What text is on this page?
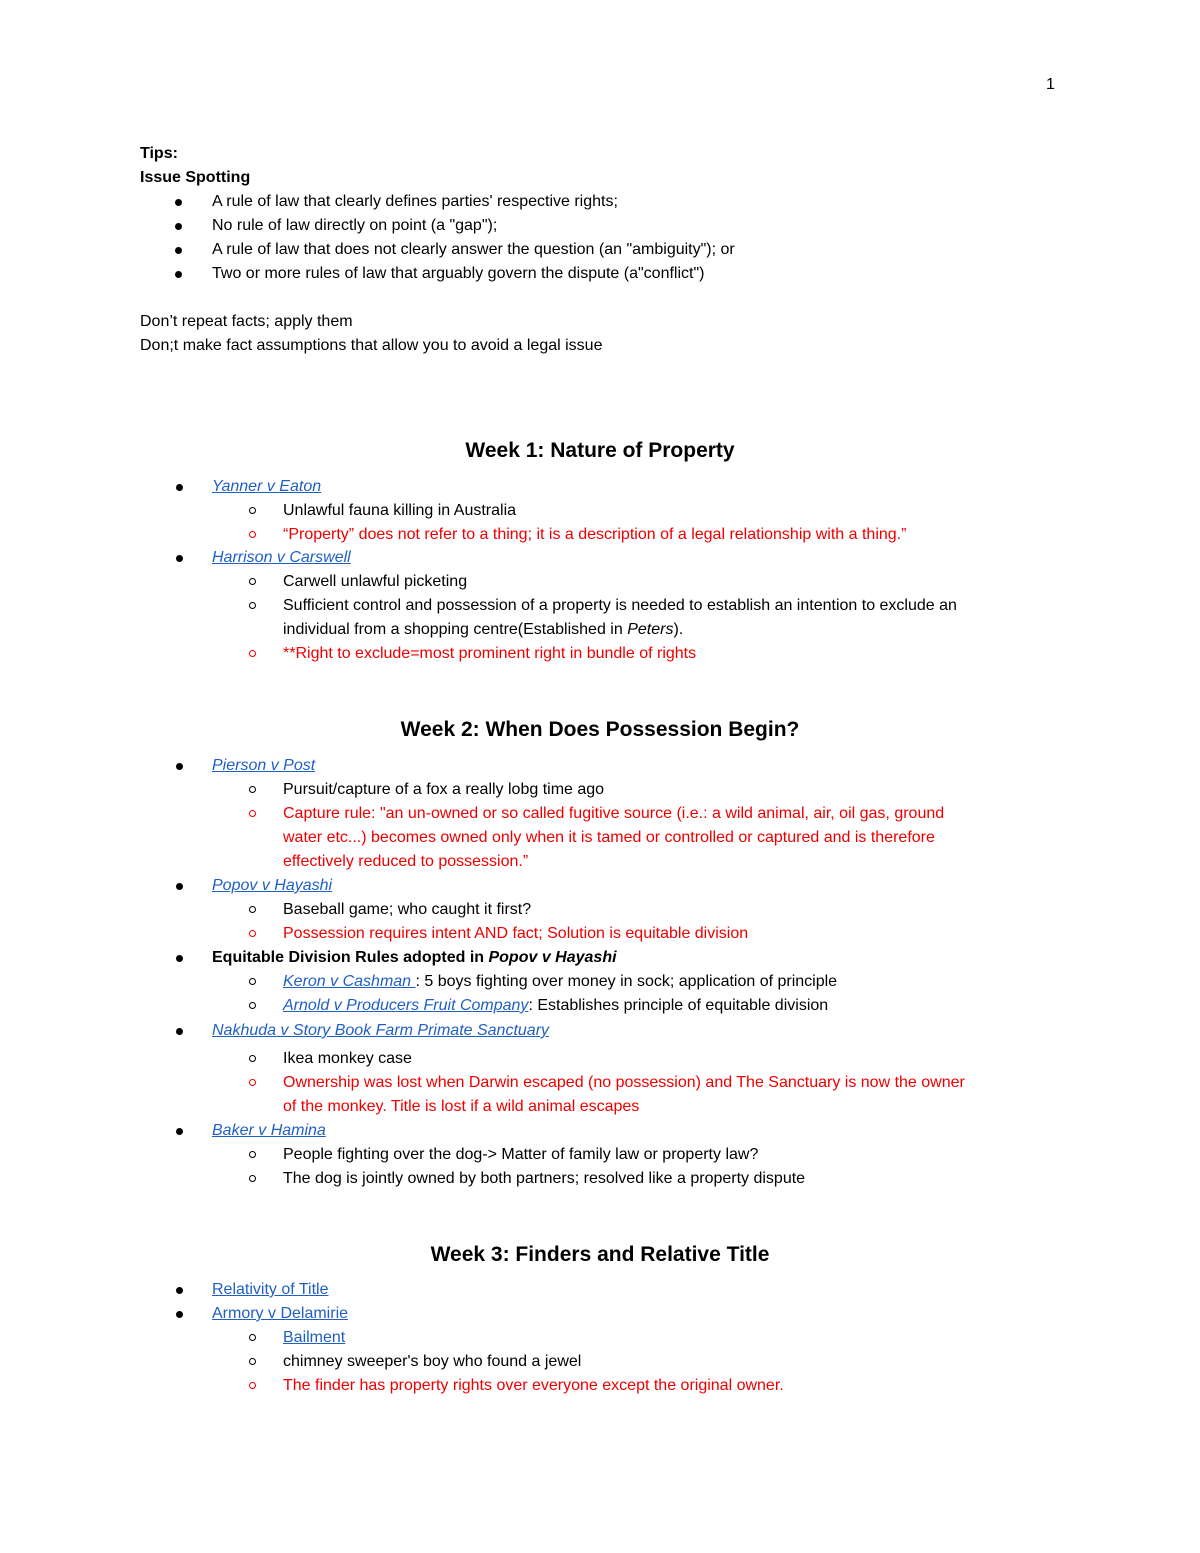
1
Tips:
Issue Spotting
A rule of law that clearly defines parties' respective rights;
No rule of law directly on point (a "gap");
A rule of law that does not clearly answer the question (an "ambiguity"); or
Two or more rules of law that arguably govern the dispute (a"conflict")
Don’t repeat facts; apply them
Don;t make fact assumptions that allow you to avoid a legal issue
Week 1: Nature of Property
Yanner v Eaton
Unlawful fauna killing in Australia
“Property” does not refer to a thing; it is a description of a legal relationship with a thing.”
Harrison v Carswell
Carwell unlawful picketing
Sufficient control and possession of a property is needed to establish an intention to exclude an
individual from a shopping centre(Established in Peters).
**Right to exclude=most prominent right in bundle of rights
Week 2: When Does Possession Begin?
Pierson v Post
Pursuit/capture of a fox a really lobg time ago
Capture rule: "an un-owned or so called fugitive source (i.e.: a wild animal, air, oil gas, ground
water etc...) becomes owned only when it is tamed or controlled or captured and is therefore
effectively reduced to possession.”
Popov v Hayashi
Baseball game; who caught it first?
Possession requires intent AND fact; Solution is equitable division
Equitable Division Rules adopted in Popov v Hayashi
Keron v Cashman : 5 boys fighting over money in sock; application of principle
Arnold v Producers Fruit Company: Establishes principle of equitable division
Nakhuda v Story Book Farm Primate Sanctuary
Ikea monkey case
Ownership was lost when Darwin escaped (no possession) and The Sanctuary is now the owner
of the monkey. Title is lost if a wild animal escapes
Baker v Hamina
People fighting over the dog-> Matter of family law or property law?
The dog is jointly owned by both partners; resolved like a property dispute
Week 3: Finders and Relative Title
Relativity of Title
Armory v Delamirie
Bailment
chimney sweeper's boy who found a jewel
The finder has property rights over everyone except the original owner.
